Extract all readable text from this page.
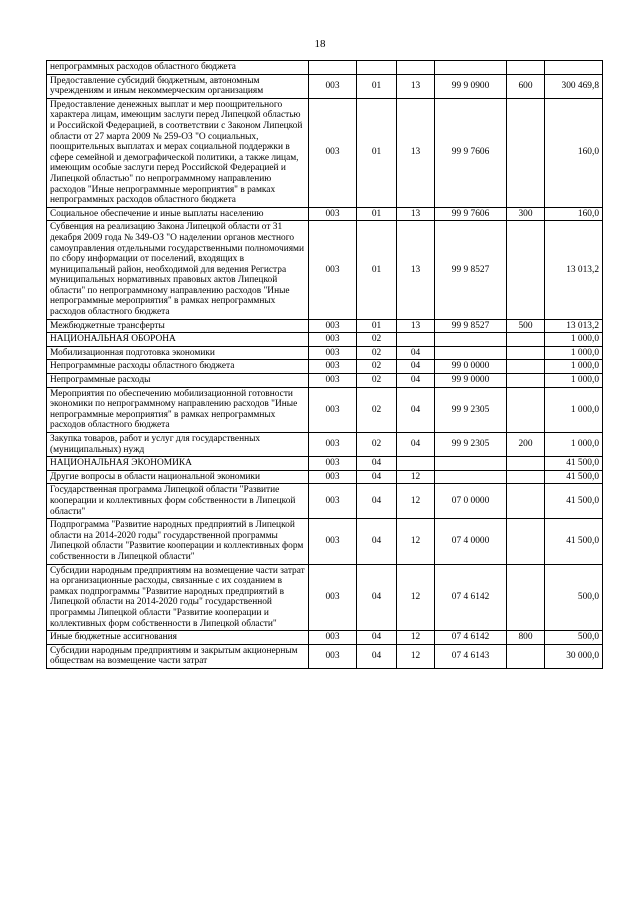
18
непрограммных расходов областного бюджета						
Предоставление субсидий бюджетным, автономным учреждениям и иным некоммерческим организациям	003	01	13	99 9 0900	600	300 469,8
Предоставление денежных выплат и мер поощрительного характера лицам, имеющим заслуги перед Липецкой областью и Российской Федерацией, в соответствии с Законом Липецкой области от 27 марта 2009 № 259-ОЗ "О социальных, поощрительных выплатах и мерах социальной поддержки в сфере семейной и демографической политики, а также лицам, имеющим особые заслуги перед Российской Федерацией и Липецкой областью" по непрограммному направлению расходов "Иные непрограммные мероприятия" в рамках непрограммных расходов областного бюджета	003	01	13	99 9 7606		160,0
Социальное обеспечение и иные выплаты населению	003	01	13	99 9 7606	300	160,0
Субвенция на реализацию Закона Липецкой области от 31 декабря 2009 года № 349-ОЗ "О наделении органов местного самоуправления отдельными государственными полномочиями по сбору информации от поселений, входящих в муниципальный район, необходимой для ведения Регистра муниципальных нормативных правовых актов Липецкой области" по непрограммному направлению расходов "Иные непрограммные мероприятия" в рамках непрограммных расходов областного бюджета	003	01	13	99 9 8527		13 013,2
Межбюджетные трансферты	003	01	13	99 9 8527	500	13 013,2
НАЦИОНАЛЬНАЯ ОБОРОНА	003	02				1 000,0
Мобилизационная подготовка экономики	003	02	04			1 000,0
Непрограммные расходы областного бюджета	003	02	04	99 0 0000		1 000,0
Непрограммные расходы	003	02	04	99 9 0000		1 000,0
Мероприятия по обеспечению мобилизационной готовности экономики по непрограммному направлению расходов "Иные непрограммные мероприятия" в рамках непрограммных расходов областного бюджета	003	02	04	99 9 2305		1 000,0
Закупка товаров, работ и услуг для государственных (муниципальных) нужд	003	02	04	99 9 2305	200	1 000,0
НАЦИОНАЛЬНАЯ ЭКОНОМИКА	003	04				41 500,0
Другие вопросы в области национальной экономики	003	04	12			41 500,0
Государственная программа Липецкой области "Развитие кооперации и коллективных форм собственности в Липецкой области"	003	04	12	07 0 0000		41 500,0
Подпрограмма "Развитие народных предприятий в Липецкой области на 2014-2020 годы" государственной программы Липецкой области "Развитие кооперации и коллективных форм собственности в Липецкой области"	003	04	12	07 4 0000		41 500,0
Субсидии народным предприятиям на возмещение части затрат на организационные расходы, связанные с их созданием в рамках подпрограммы "Развитие народных предприятий в Липецкой области на 2014-2020 годы" государственной программы Липецкой области "Развитие кооперации и коллективных форм собственности в Липецкой области"	003	04	12	07 4 6142		500,0
Иные бюджетные ассигнования	003	04	12	07 4 6142	800	500,0
Субсидии народным предприятиям и закрытым акционерным обществам на возмещение части затрат	003	04	12	07 4 6143		30 000,0
